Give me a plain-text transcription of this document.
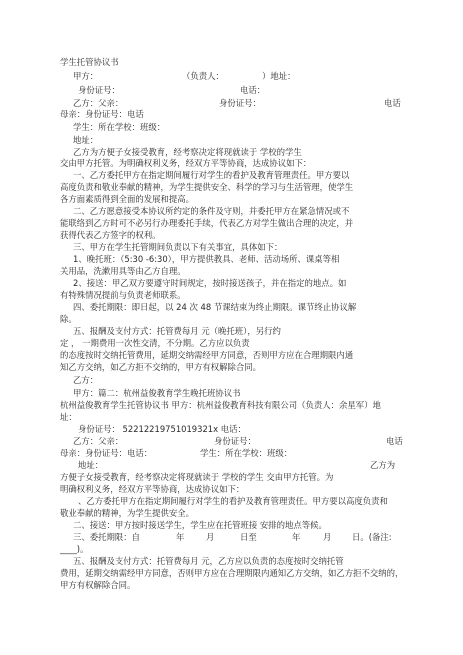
学生托管协议书
甲方：	（负责人：	）地址：
身份证号：	电话：
乙方：父亲：	身份证号：	电话
母亲：身份证号：电话
学生：所在学校：班级：
地址：
乙方为方便子女接受教育，经考察决定将现就读于 学校的学生
交由甲方托管。为明确权利义务，经双方平等协商，达成协议如下：
一、乙方委托甲方在指定期间履行对学生的看护及教育管理责任。甲方要以
高度负责和敬业奉献的精神，为学生提供安全、科学的学习与生活管理，使学生
各方面素质得到全面的发展和提高。
二、乙方愿意接受本协议所约定的条件及守则，并委托甲方在紧急情况或不
能联络到乙方时可不必另行办理委托手续，代表乙方对学生做出合理的决定，并
获得代表乙方签字的权利。
三、甲方在学生托管期间负责以下有关事宜，具体如下：
1、晚托班：（5:30 -6:30），甲方提供教具、老师、活动场所、课桌等相
关用品，洗漱用具等由乙方自理。
2、接送：甲乙双方要遵守时间规定，按时接送孩子，并在指定的地点。如
有特殊情况提前与负责老师联系。
四、委托期限：即日起，以 24 次 48 节课结束为终止期限。课节终止协议解
除。
五、报酬及支付方式：托管费每月 元（晚托班），另行约
定 ， 一期费用一次性交清，不分期。乙方应以负责
的态度按时交纳托管费用，延期交纳需经甲方同意，否则甲方应在合理期限内通
知乙方交纳，如乙方拒不交纳的，甲方有权解除合同。
乙方：
甲方：篇二：杭州益俊教育学生晚托班协议书
杭州益俊教育学生托管协议书 甲方：杭州益俊教育科技有限公司（负责人：余星军）地
址：
身份证号： 522122197510193​21x 电话：
乙方：父亲：	身份证号：	电话
母亲：身份证号：电话：	学生：所在学校：班级：
地址：	乙方为
方便子女接受教育，经考察决定将现就读于 学校的学生 交由甲方托管。为
明确权利义务，经双方平等协商，达成协议如下：
、乙方委托甲方在指定期间履行对学生的看护及教育管理责任。甲方要以高度负责和
敬业奉献的精神，为学生提供安全。
二、接送：甲方按时接送学生，学生应在托管班接 安排的地点等候。
三、委托期限：自	年	月	日至	年	月 日。(备注:
____)。
五、报酬及支付方式：托管费每月 元，乙方应以负责的态度按时交纳托管
费用，延期交纳需经甲方同意，否则甲方应在合理期限内通知乙方交纳，如乙方拒不交纳的，
甲方有权解除合同。
